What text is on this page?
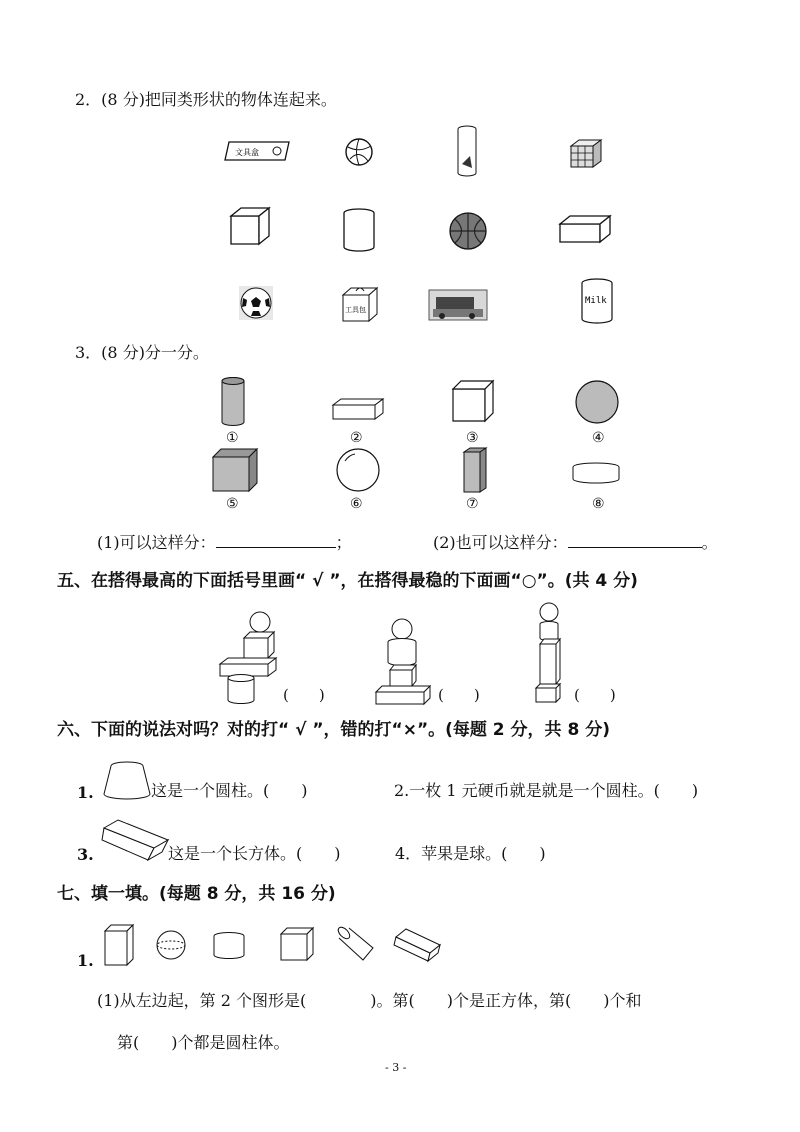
2．(8 分)把同类形状的物体连起来。
文具盒
工具包
Milk
3．(8 分)分一分。
①	②	③	④
⑤	⑥	⑦	⑧
(1)可以这样分：	；	(2)也可以这样分：	。
五、在搭得最高的下面括号里画“ √ ”，在搭得最稳的下面画“○”。(共 4 分)
(　　)	(　　)	(　　)
六、下面的说法对吗？对的打“ √ ”，错的打“×”。(每题 2 分，共 8 分)
1.	这是一个圆柱。(　　)	2.一枚 1 元硬币就是就是一个圆柱。(　　)
3.	这是一个长方体。(　　)	4．苹果是球。(　　)
七、填一填。(每题 8 分，共 16 分)
1.
(1)从左边起，第 2 个图形是(　　　　)。第(　　)个是正方体，第(　　)个和
第(　　)个都是圆柱体。
- 3 -
